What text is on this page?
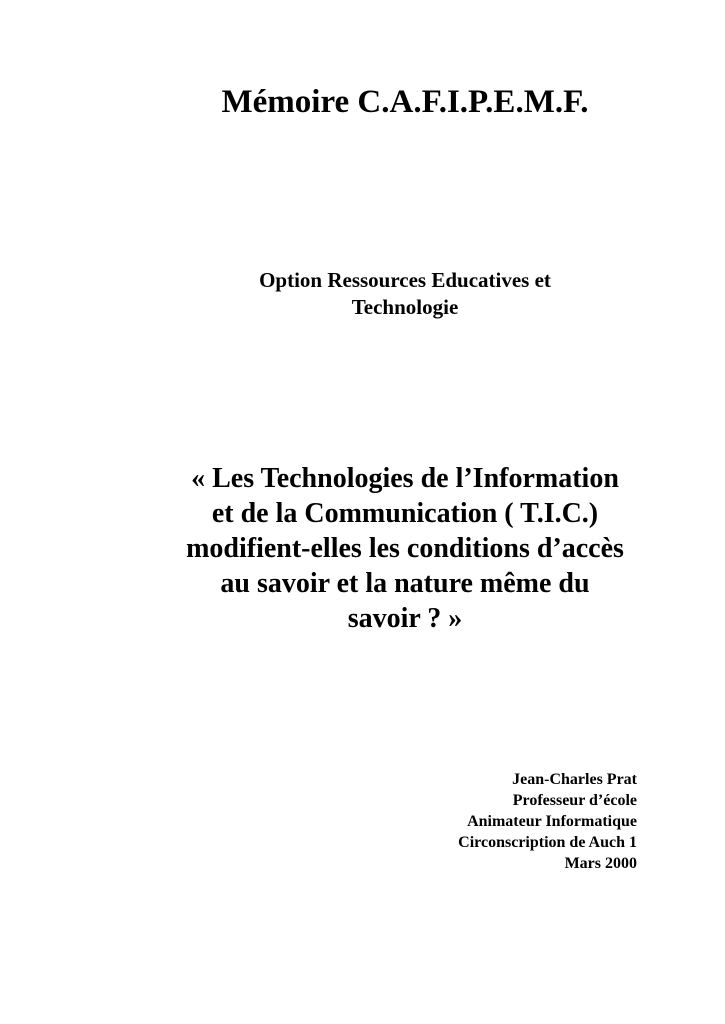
Mémoire C.A.F.I.P.E.M.F.

Option Ressources Educatives et
Technologie

« Les Technologies de l’Information
et de la Communication ( T.I.C.)
modifient-elles les conditions d’accès
au savoir et la nature même du
savoir ? »

Jean-Charles Prat
Professeur d’école
Animateur Informatique
Circonscription de Auch 1
Mars 2000
